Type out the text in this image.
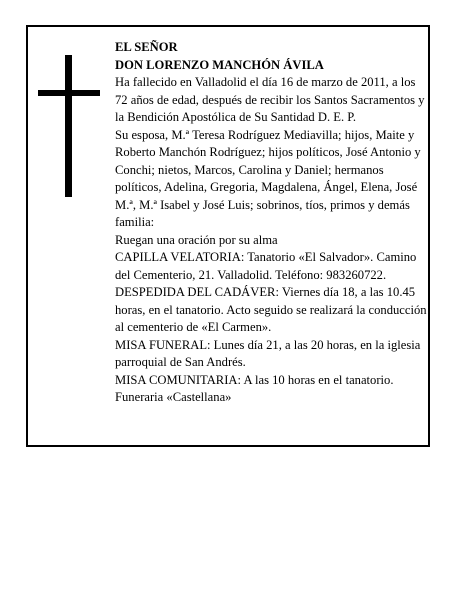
EL SEÑOR

DON LORENZO MANCHÓN ÁVILA

Ha fallecido en Valladolid el día 16 de marzo de 2011, a los 72 años de edad, después de recibir los Santos Sacramentos y la Bendición Apostólica de Su Santidad D. E. P.

Su esposa, M.ª Teresa Rodríguez Mediavilla; hijos, Maite y Roberto Manchón Rodríguez; hijos políticos, José Antonio y Conchi; nietos, Marcos, Carolina y Daniel; hermanos políticos, Adelina, Gregoria, Magdalena, Ángel, Elena, José M.ª, M.ª Isabel y José Luis; sobrinos, tíos, primos y demás familia:

Ruegan una oración por su alma

CAPILLA VELATORIA: Tanatorio «El Salvador». Camino del Cementerio, 21. Valladolid. Teléfono: 983260722.

DESPEDIDA DEL CADÁVER: Viernes día 18, a las 10.45 horas, en el tanatorio. Acto seguido se realizará la conducción al cementerio de «El Carmen».

MISA FUNERAL: Lunes día 21, a las 20 horas, en la iglesia parroquial de San Andrés.

MISA COMUNITARIA: A las 10 horas en el tanatorio.

Funeraria «Castellana»
